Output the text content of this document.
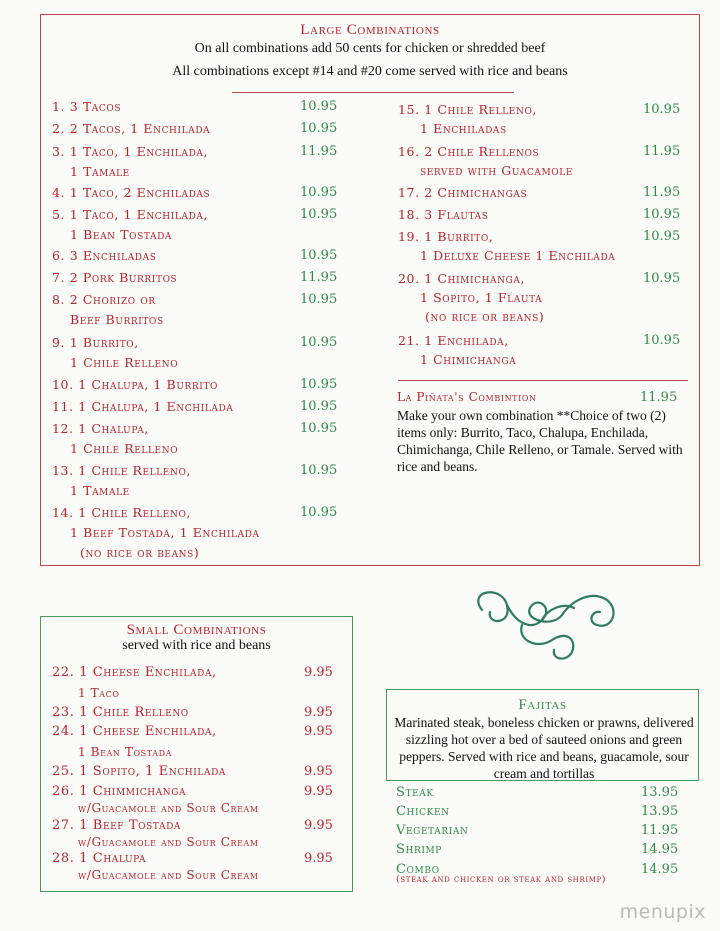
Large Combinations
On all combinations add 50 cents for chicken or shredded beef
All combinations except #14 and #20 come served with rice and beans
1. 3 Tacos	10.95
2. 2 Tacos, 1 Enchilada	10.95
3. 1 Taco, 1 Enchilada,	11.95
1 Tamale
4. 1 Taco, 2 Enchiladas	10.95
5. 1 Taco, 1 Enchilada,	10.95
1 Bean Tostada
6. 3 Enchiladas	10.95
7. 2 Pork Burritos	11.95
8. 2 Chorizo or	10.95
Beef Burritos
9. 1 Burrito,	10.95
1 Chile Relleno
10. 1 Chalupa, 1 Burrito	10.95
11. 1 Chalupa, 1 Enchilada	10.95
12. 1 Chalupa,	10.95
1 Chile Relleno
13. 1 Chile Relleno,	10.95
1 Tamale
14. 1 Chile Relleno,	10.95
1 Beef Tostada, 1 Enchilada
(no rice or beans)
15. 1 Chile Relleno,	10.95
1 Enchiladas
16. 2 Chile Rellenos	11.95
served with Guacamole
17. 2 Chimichangas	11.95
18. 3 Flautas	10.95
19. 1 Burrito,	10.95
1 Deluxe Cheese 1 Enchilada
20. 1 Chimichanga,	10.95
1 Sopito, 1 Flauta
(no rice or beans)
21. 1 Enchilada,	10.95
1 Chimichanga
La Piñata's Combintion	11.95
Make your own combination **Choice of two (2) items only: Burrito, Taco, Chalupa, Enchilada, Chimichanga, Chile Relleno, or Tamale. Served with rice and beans.
Small Combinations
served with rice and beans
22. 1 Cheese Enchilada,	9.95
1 Taco
23. 1 Chile Relleno	9.95
24. 1 Cheese Enchilada,	9.95
1 Bean Tostada
25. 1 Sopito, 1 Enchilada	9.95
26. 1 Chimmichanga	9.95
w/Guacamole and Sour Cream
27. 1 Beef Tostada	9.95
w/Guacamole and Sour Cream
28. 1 Chalupa	9.95
w/Guacamole and Sour Cream
Fajitas
Marinated steak, boneless chicken or prawns, delivered sizzling hot over a bed of sauteed onions and green peppers. Served with rice and beans, guacamole, sour cream and tortillas
Steak	13.95
Chicken	13.95
Vegetarian	11.95
Shrimp	14.95
Combo	14.95
(steak and chicken or steak and shrimp)
menupix
